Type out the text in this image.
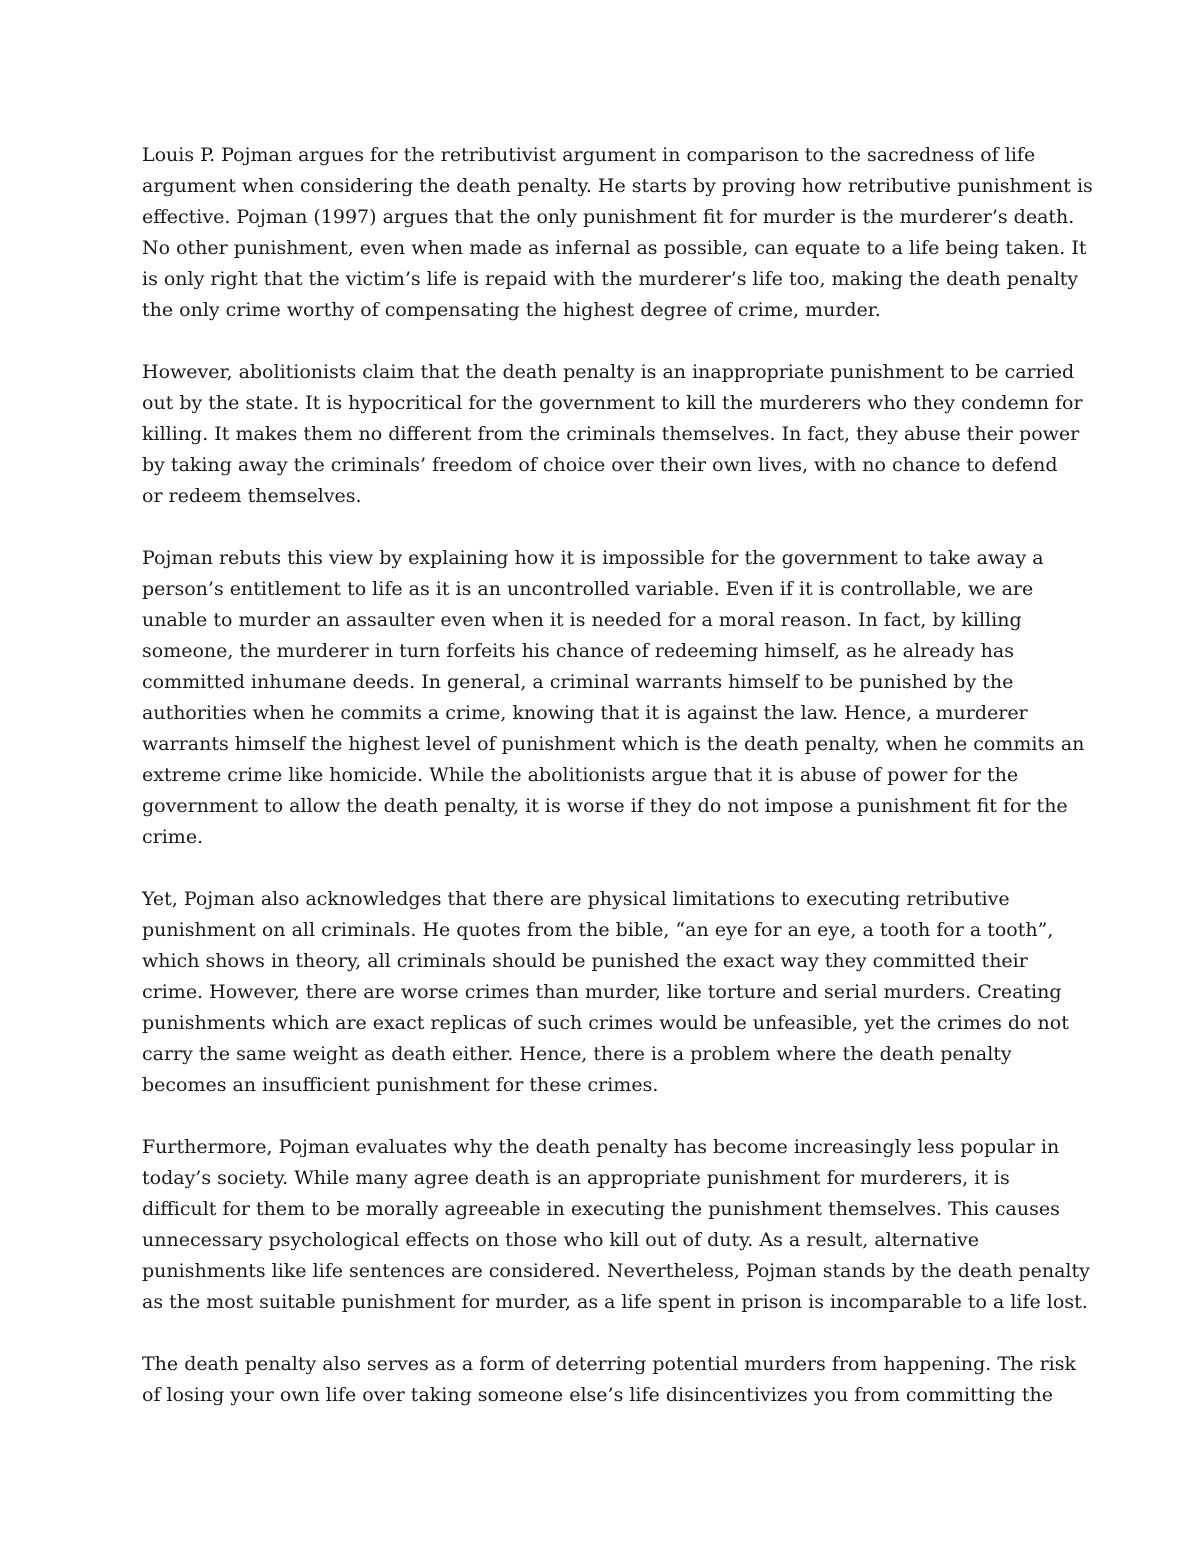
Louis P. Pojman argues for the retributivist argument in comparison to the sacredness of life
argument when considering the death penalty. He starts by proving how retributive punishment is
effective. Pojman (1997) argues that the only punishment fit for murder is the murderer’s death.
No other punishment, even when made as infernal as possible, can equate to a life being taken. It
is only right that the victim’s life is repaid with the murderer’s life too, making the death penalty
the only crime worthy of compensating the highest degree of crime, murder.
However, abolitionists claim that the death penalty is an inappropriate punishment to be carried
out by the state. It is hypocritical for the government to kill the murderers who they condemn for
killing. It makes them no different from the criminals themselves. In fact, they abuse their power
by taking away the criminals’ freedom of choice over their own lives, with no chance to defend
or redeem themselves.
Pojman rebuts this view by explaining how it is impossible for the government to take away a
person’s entitlement to life as it is an uncontrolled variable. Even if it is controllable, we are
unable to murder an assaulter even when it is needed for a moral reason. In fact, by killing
someone, the murderer in turn forfeits his chance of redeeming himself, as he already has
committed inhumane deeds. In general, a criminal warrants himself to be punished by the
authorities when he commits a crime, knowing that it is against the law. Hence, a murderer
warrants himself the highest level of punishment which is the death penalty, when he commits an
extreme crime like homicide. While the abolitionists argue that it is abuse of power for the
government to allow the death penalty, it is worse if they do not impose a punishment fit for the
crime.
Yet, Pojman also acknowledges that there are physical limitations to executing retributive
punishment on all criminals. He quotes from the bible, “an eye for an eye, a tooth for a tooth”,
which shows in theory, all criminals should be punished the exact way they committed their
crime. However, there are worse crimes than murder, like torture and serial murders. Creating
punishments which are exact replicas of such crimes would be unfeasible, yet the crimes do not
carry the same weight as death either. Hence, there is a problem where the death penalty
becomes an insufficient punishment for these crimes.
Furthermore, Pojman evaluates why the death penalty has become increasingly less popular in
today’s society. While many agree death is an appropriate punishment for murderers, it is
difficult for them to be morally agreeable in executing the punishment themselves. This causes
unnecessary psychological effects on those who kill out of duty. As a result, alternative
punishments like life sentences are considered. Nevertheless, Pojman stands by the death penalty
as the most suitable punishment for murder, as a life spent in prison is incomparable to a life lost.
The death penalty also serves as a form of deterring potential murders from happening. The risk
of losing your own life over taking someone else’s life disincentivizes you from committing the
